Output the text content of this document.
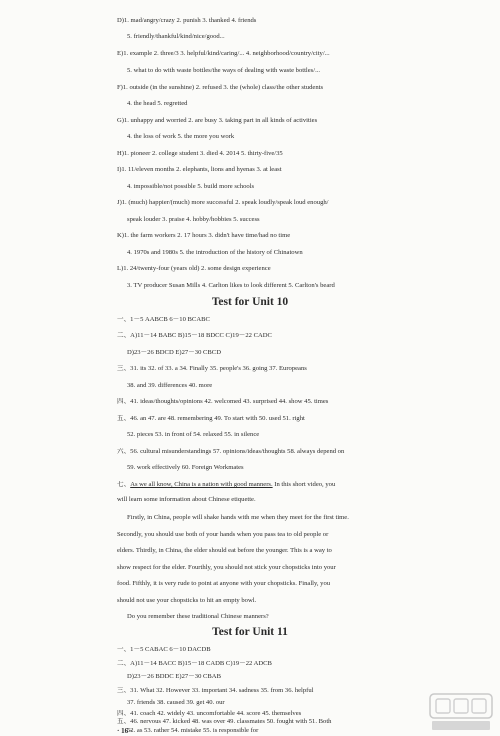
D)1. mad/angry/crazy 2. punish 3. thanked 4. friends
5. friendly/thankful/kind/nice/good...
E)1. example 2. three/3 3. helpful/kind/caring/... 4. neighborhood/country/city/...
5. what to do with waste bottles/the ways of dealing with waste bottles/...
F)1. outside (in the sunshine) 2. refused 3. the (whole) class/the other students
4. the head 5. regretted
G)1. unhappy and worried 2. are busy 3. taking part in all kinds of activities
4. the loss of work 5. the more you work
H)1. pioneer 2. college student 3. died 4. 2014 5. thirty-five/35
I)1. 11/eleven months 2. elephants, lions and hyenas 3. at least
4. impossible/not possible 5. build more schools
J)1. (much) happier/(much) more successful 2. speak loudly/speak loud enough/
speak louder 3. praise 4. hobby/hobbies 5. success
K)1. the farm workers 2. 17 hours 3. didn't have time/had no time
4. 1970s and 1980s 5. the introduction of the history of Chinatown
L)1. 24/twenty-four (years old) 2. some design experience
3. TV producer Susan Mills 4. Carlton likes to look different 5. Carlton's beard
Test for Unit 10
一、1－5 AABCB 6－10 BCABC
二、A)11－14 BABC B)15－18 BDCC C)19－22 CADC
D)23－26 BDCD E)27－30 CBCD
三、31. its 32. of 33. a 34. Finally 35. people's 36. going 37. Europeans
38. and 39. differences 40. more
四、41. ideas/thoughts/opinions 42. welcomed 43. surprised 44. show 45. times
五、46. an 47. are 48. remembering 49. To start with 50. used 51. right
52. pieces 53. in front of 54. relaxed 55. in silence
六、56. cultural misunderstandings 57. opinions/ideas/thoughts 58. always depend on
59. work effectively 60. Foreign Workmates
七、As we all know, China is a nation with good manners. In this short video, you
will learn some information about Chinese etiquette.
Firstly, in China, people will shake hands with me when they meet for the first time.
Secondly, you should use both of your hands when you pass tea to old people or
elders. Thirdly, in China, the elder should eat before the younger. This is a way to
show respect for the elder. Fourthly, you should not stick your chopsticks into your
food. Fifthly, it is very rude to point at anyone with your chopsticks. Finally, you
should not use your chopsticks to hit an empty bowl.
Do you remember these traditional Chinese manners?
Test for Unit 11
一、1－5 CABAC 6－10 DACDB
二、A)11－14 BACC B)15－18 CADB C)19－22 ADCB
D)23－26 BDDC E)27－30 CBAB
三、31. What 32. However 33. important 34. sadness 35. from 36. helpful
37. friends 38. caused 39. get 40. our
四、41. coach 42. widely 43. uncomfortable 44. score 45. themselves
五、46. nervous 47. kicked 48. was over 49. classmates 50. fought with 51. Both
52. as 53. rather 54. mistake 55. is responsible for
· 16 ·
